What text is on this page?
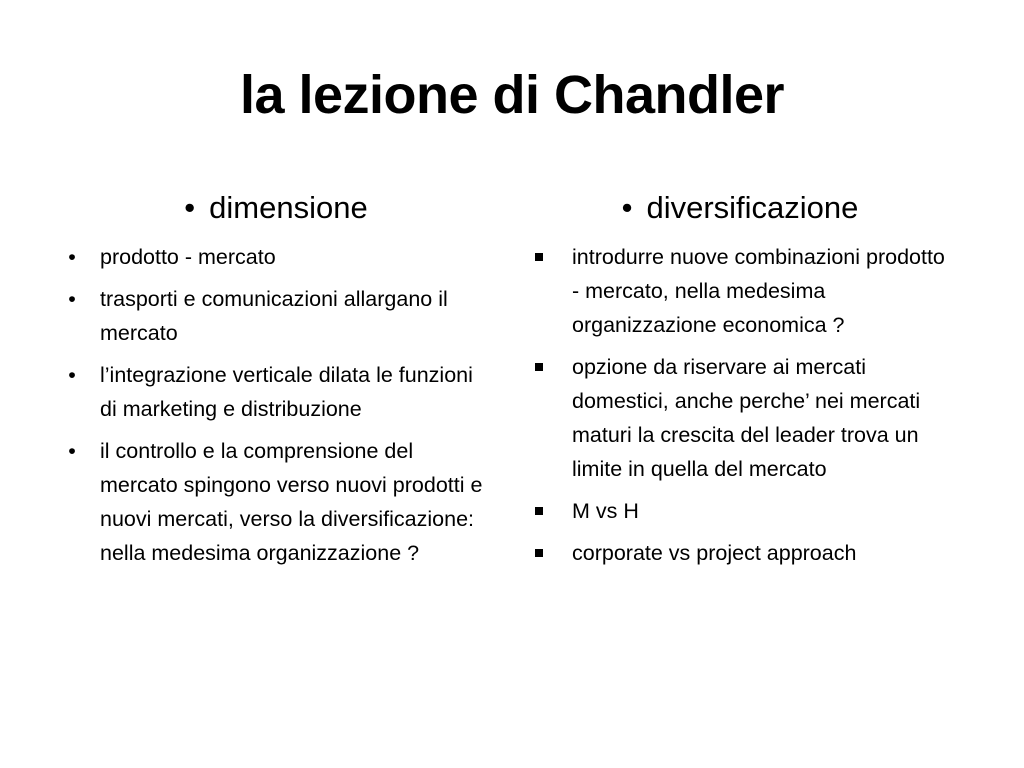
la lezione di Chandler
• dimensione
• prodotto - mercato
• trasporti e comunicazioni allargano il mercato
• l’integrazione verticale dilata le funzioni di marketing e distribuzione
• il controllo e la comprensione del mercato spingono verso nuovi prodotti e nuovi mercati, verso la diversificazione: nella medesima organizzazione ?
• diversificazione
introdurre nuove combinazioni prodotto - mercato, nella medesima organizzazione economica ?
opzione da riservare ai mercati domestici, anche perche’ nei mercati maturi la crescita del leader trova un limite in quella del mercato
M vs H
corporate vs project approach
